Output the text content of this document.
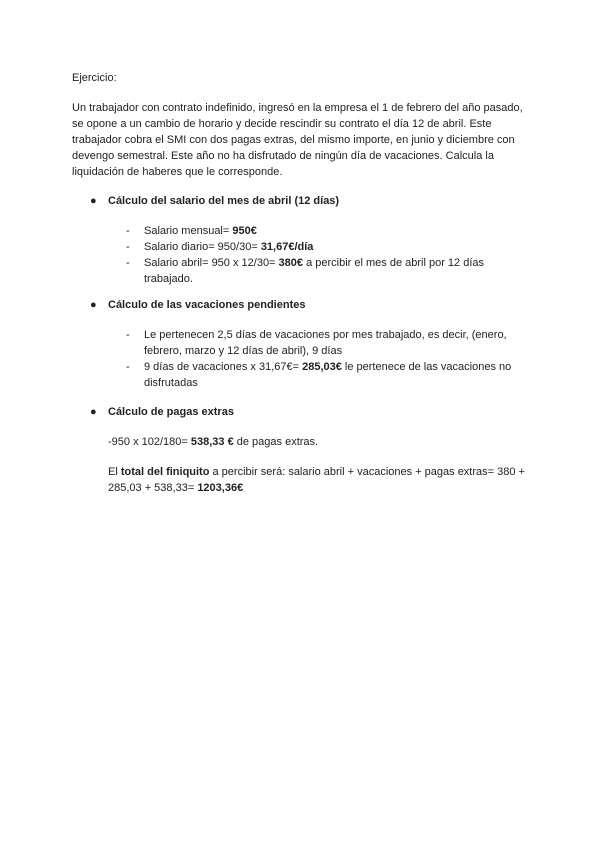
Ejercicio:
Un trabajador con contrato indefinido, ingresó en la empresa el 1 de febrero del año pasado, se opone a un cambio de horario y decide rescindir su contrato el día 12 de abril. Este trabajador cobra el SMI con dos pagas extras, del mismo importe, en junio y diciembre con devengo semestral. Este año no ha disfrutado de ningún día de vacaciones. Calcula la liquidación de haberes que le corresponde.
●	Cálculo del salario del mes de abril (12 días)
- Salario mensual= 950€
- Salario diario= 950/30= 31,67€/día
- Salario abril= 950 x 12/30= 380€ a percibir el mes de abril por 12 días trabajado.
●	Cálculo de las vacaciones pendientes
- Le pertenecen 2,5 días de vacaciones por mes trabajado, es decir, (enero, febrero, marzo y 12 días de abril), 9 días
- 9 días de vacaciones x 31,67€= 285,03€ le pertenece de las vacaciones no disfrutadas
●	Cálculo de pagas extras
-950 x 102/180= 538,33 € de pagas extras.
El total del finiquito a percibir será: salario abril + vacaciones + pagas extras= 380 + 285,03 + 538,33= 1203,36€
